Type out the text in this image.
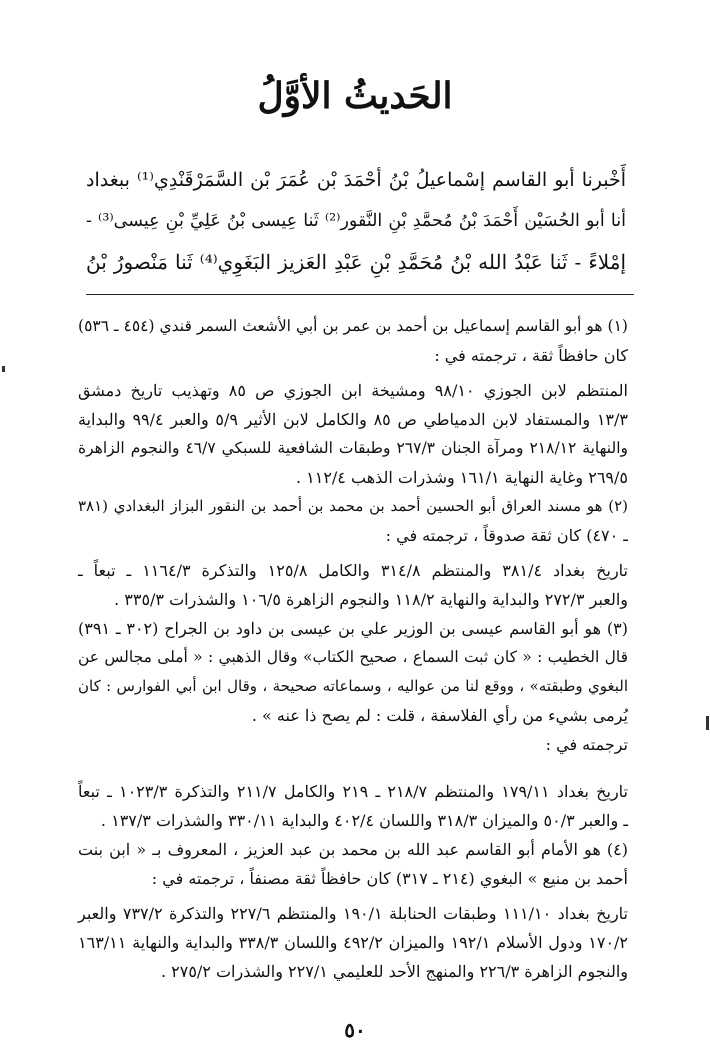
الحَديثُ الأوَّلُ
أَخْبرنا أبو القاسم إسْماعيلُ بْنُ أحْمَدَ بْن عُمَرَ بْن السَّمَرْقَنْدِي⁽¹⁾ ببغداد
أنا أبو الحُسَيْن أَحْمَدَ بْنُ مُحمَّدِ بْنِ النَّقور⁽²⁾ ثَنا عِيسى بْنُ عَلِيِّ بْنِ عِيسى⁽³⁾ -
إمْلاءً - ثَنا عَبْدُ الله بْنُ مُحَمَّدِ بْنِ عَبْدِ العَزيز البَغَوِي⁽⁴⁾ ثَنا مَنْصورُ بْنُ
(١) هو أبو القاسم إسماعيل بن أحمد بن عمر بن أبي الأشعث السمر قندي (٤٥٤ ـ ٥٣٦)
كان حافظاً ثقة ، ترجمته في :
المنتظم لابن الجوزي ٩٨/١٠ ومشيخة ابن الجوزي ص ٨٥ وتهذيب تاريخ دمشق
١٣/٣ والمستفاد لابن الدمياطي ص ٨٥ والكامل لابن الأثير ٥/٩ والعبر ٩٩/٤ والبداية
والنهاية ٢١٨/١٢ ومرآة الجنان ٢٦٧/٣ وطبقات الشافعية للسبكي ٤٦/٧ والنجوم الزاهرة
٢٦٩/٥ وغاية النهاية ١٦١/١ وشذرات الذهب ١١٢/٤ .
(٢) هو مسند العراق أبو الحسين أحمد بن محمد بن أحمد بن النقور البزاز البغدادي (٣٨١
ـ ٤٧٠) كان ثقة صدوقاً ، ترجمته في :
تاريخ بغداد ٣٨١/٤ والمنتظم ٣١٤/٨ والكامل ١٢٥/٨ والتذكرة ١١٦٤/٣ ـ تبعاً ـ
والعبر ٢٧٢/٣ والبداية والنهاية ١١٨/٢ والنجوم الزاهرة ١٠٦/٥ والشذرات ٣٣٥/٣ .
(٣) هو أبو القاسم عيسى بن الوزير علي بن عيسى بن داود بن الجراح (٣٠٢ ـ ٣٩١)
قال الخطيب : « كان ثبت السماع ، صحيح الكتاب» وقال الذهبي : « أملى مجالس عن
البغوي وطبقته» ، ووقع لنا من عواليه ، وسماعاته صحيحة ، وقال ابن أبي الفوارس : كان
يُرمى بشيء من رأي الفلاسفة ، قلت : لم يصح ذا عنه » .
ترجمته في :
تاريخ بغداد ١٧٩/١١ والمنتظم ٢١٨/٧ ـ ٢١٩ والكامل ٢١١/٧ والتذكرة ١٠٢٣/٣ ـ تبعاً
ـ والعبر ٥٠/٣ والميزان ٣١٨/٣ واللسان ٤٠٢/٤ والبداية ٣٣٠/١١ والشذرات ١٣٧/٣ .
(٤) هو الأمام أبو القاسم عبد الله بن محمد بن عبد العزيز ، المعروف بـ « ابن بنت
أحمد بن منيع » البغوي (٢١٤ ـ ٣١٧) كان حافظاً ثقة مصنفاً ، ترجمته في :
تاريخ بغداد ١١١/١٠ وطبقات الحنابلة ١٩٠/١ والمنتظم ٢٢٧/٦ والتذكرة ٧٣٧/٢ والعبر
١٧٠/٢ ودول الأسلام ١٩٢/١ والميزان ٤٩٢/٢ واللسان ٣٣٨/٣ والبداية والنهاية ١٦٣/١١
والنجوم الزاهرة ٢٢٦/٣ والمنهج الأحد للعليمي ٢٢٧/١ والشذرات ٢٧٥/٢ .
٥٠
